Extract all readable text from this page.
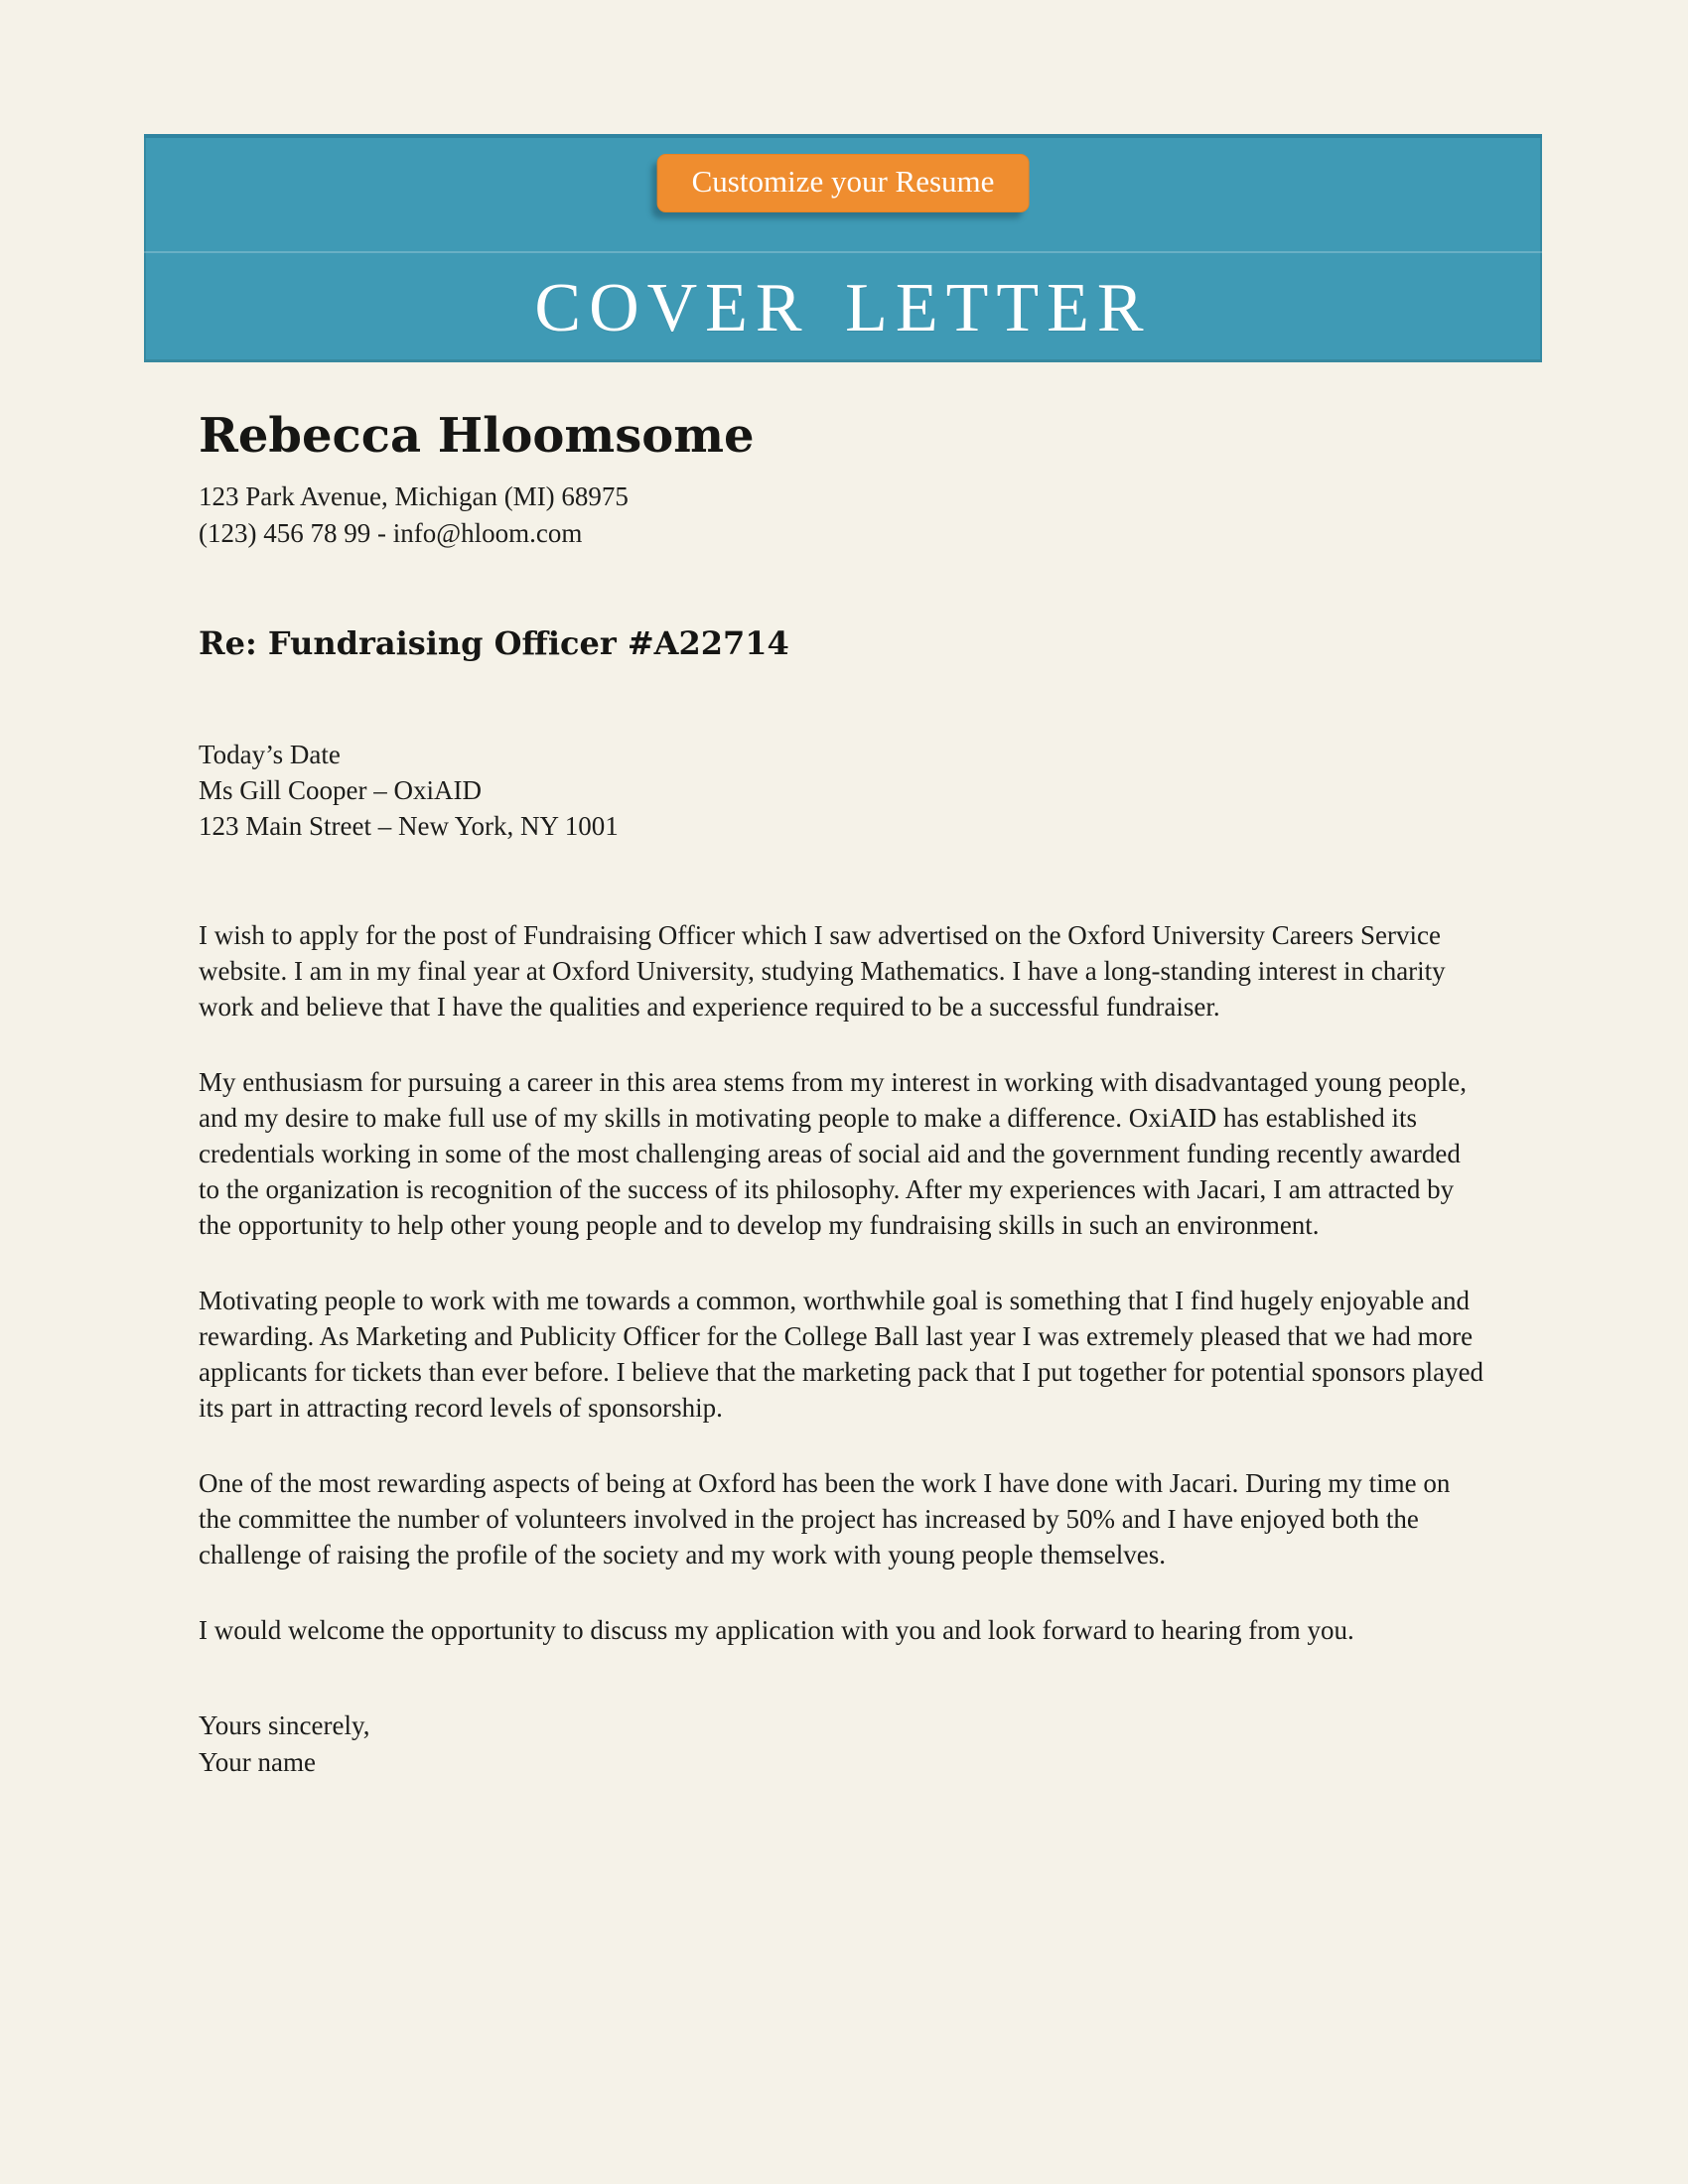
Customize your Resume
COVER LETTER
Rebecca Hloomsome
123 Park Avenue, Michigan (MI) 68975
(123) 456 78 99 - info@hloom.com
Re: Fundraising Officer #A22714
Today’s Date
Ms Gill Cooper – OxiAID
123 Main Street – New York, NY 1001

I wish to apply for the post of Fundraising Officer which I saw advertised on the Oxford University Careers Service website. I am in my final year at Oxford University, studying Mathematics. I have a long-standing interest in charity work and believe that I have the qualities and experience required to be a successful fundraiser.

My enthusiasm for pursuing a career in this area stems from my interest in working with disadvantaged young people, and my desire to make full use of my skills in motivating people to make a difference. OxiAID has established its credentials working in some of the most challenging areas of social aid and the government funding recently awarded to the organization is recognition of the success of its philosophy. After my experiences with Jacari, I am attracted by the opportunity to help other young people and to develop my fundraising skills in such an environment.

Motivating people to work with me towards a common, worthwhile goal is something that I find hugely enjoyable and rewarding. As Marketing and Publicity Officer for the College Ball last year I was extremely pleased that we had more applicants for tickets than ever before. I believe that the marketing pack that I put together for potential sponsors played its part in attracting record levels of sponsorship.

One of the most rewarding aspects of being at Oxford has been the work I have done with Jacari. During my time on the committee the number of volunteers involved in the project has increased by 50% and I have enjoyed both the challenge of raising the profile of the society and my work with young people themselves.

I would welcome the opportunity to discuss my application with you and look forward to hearing from you.

Yours sincerely,
Your name
